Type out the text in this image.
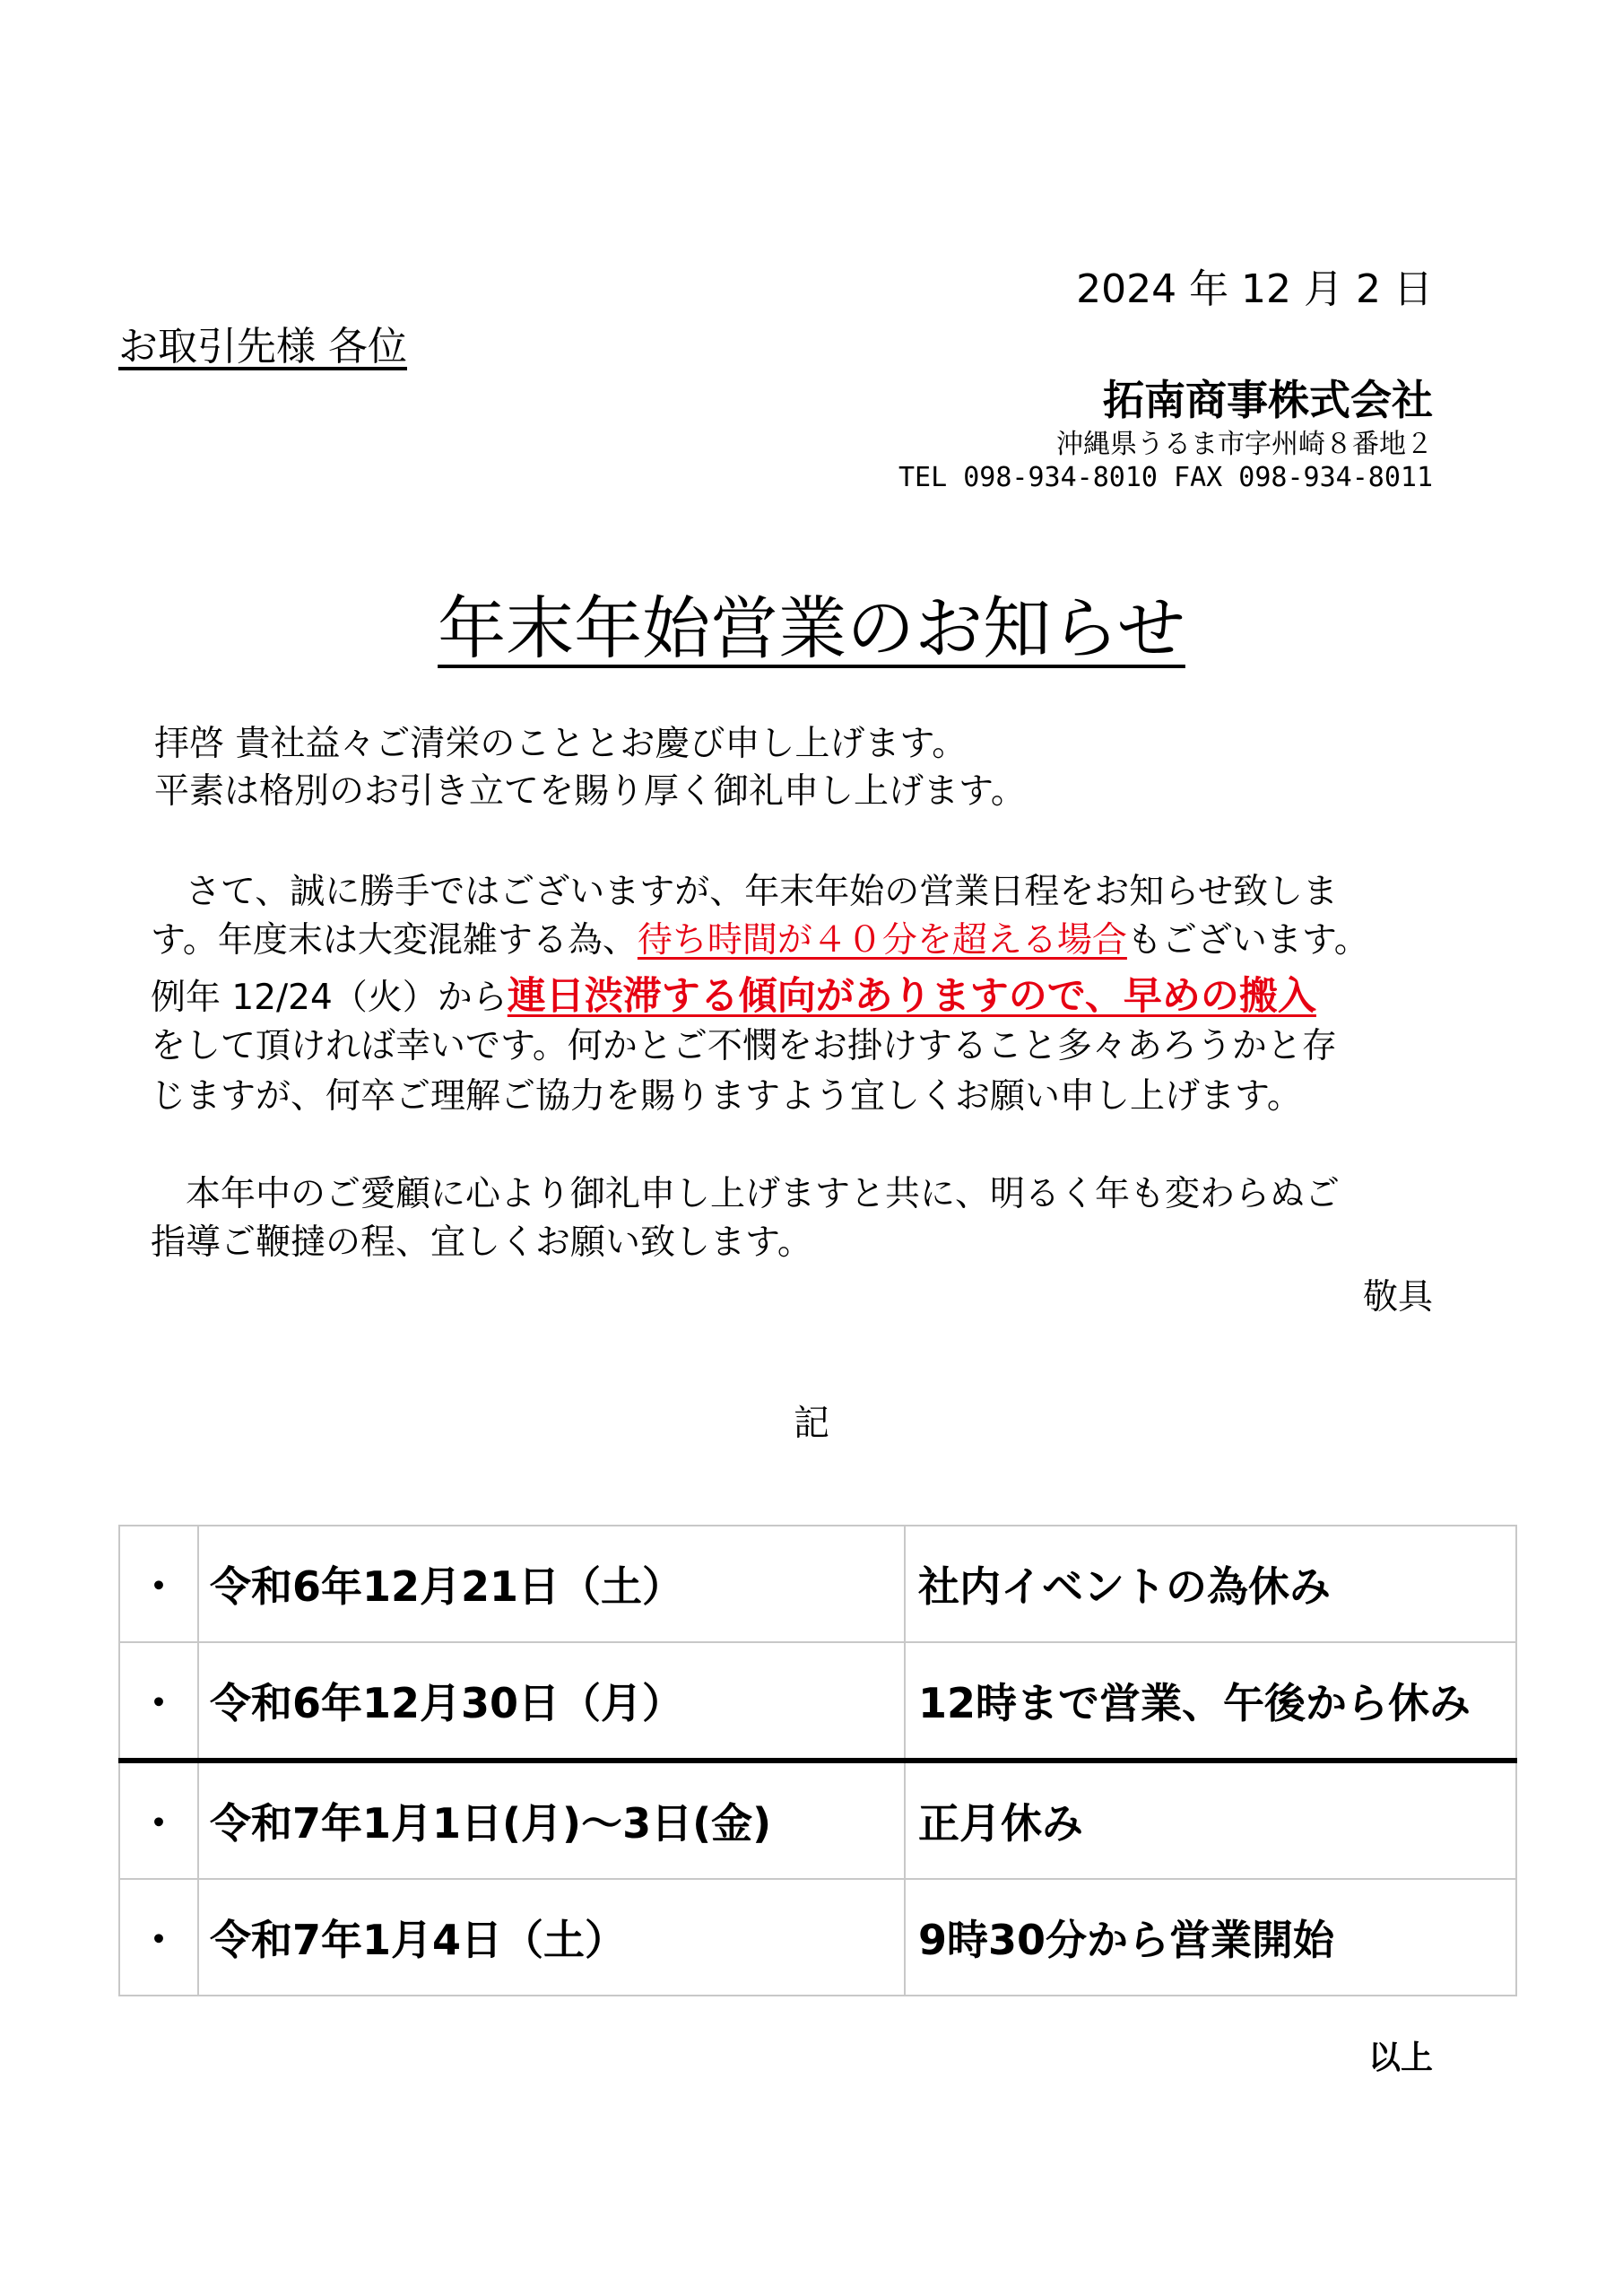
2024 年 12 月 2 日
お取引先様 各位
拓南商事株式会社
沖縄県うるま市字州崎８番地２
TEL 098-934-8010 FAX 098-934-8011
年末年始営業のお知らせ
拝啓 貴社益々ご清栄のこととお慶び申し上げます。
平素は格別のお引き立てを賜り厚く御礼申し上げます。
　さて、誠に勝手ではございますが、年末年始の営業日程をお知らせ致しま
す。年度末は大変混雑する為、待ち時間が４０分を超える場合もございます。
例年 12/24（火）から連日渋滞する傾向がありますので、早めの搬入
をして頂ければ幸いです。何かとご不憫をお掛けすること多々あろうかと存
じますが、何卒ご理解ご協力を賜りますよう宜しくお願い申し上げます。
　本年中のご愛顧に心より御礼申し上げますと共に、明るく年も変わらぬご
指導ご鞭撻の程、宜しくお願い致します。
敬具
記
・	令和6年12月21日（土）	社内イベントの為休み
・	令和6年12月30日（月）	12時まで営業、午後から休み
・	令和7年1月1日(月)～3日(金)	正月休み
・	令和7年1月4日（土）	9時30分から営業開始
以上
